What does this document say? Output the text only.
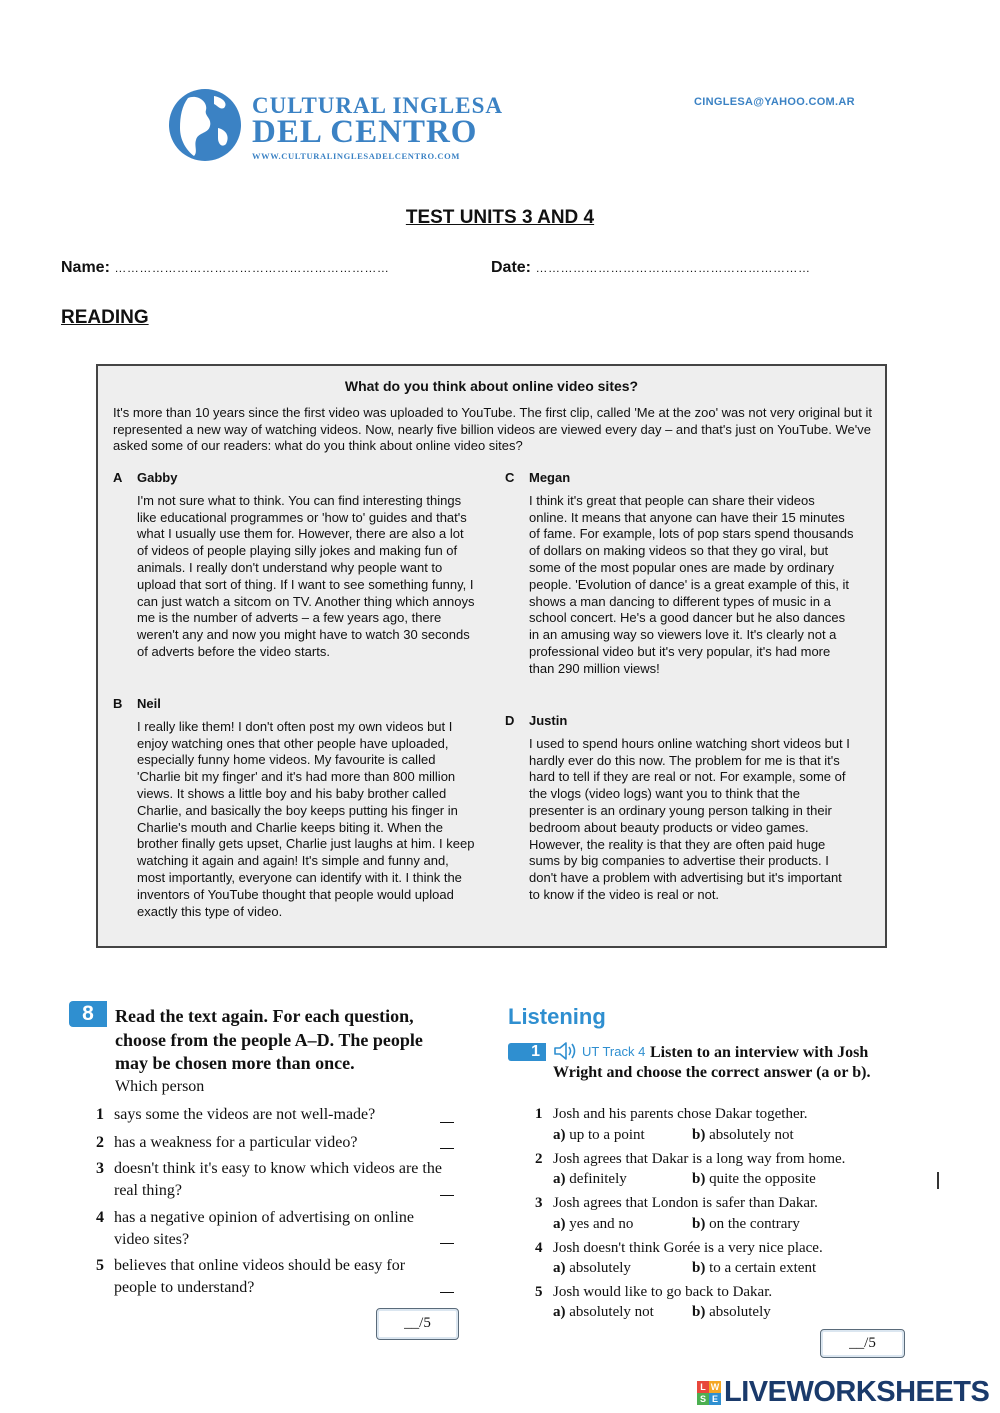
CULTURAL INGLESA
DEL CENTRO
WWW.CULTURALINGLESADELCENTRO.COM
CINGLESA@YAHOO.COM.AR
TEST UNITS 3 AND 4
Name: …………………………………………………………	Date: …………………………………………………………
READING
What do you think about online video sites?
It's more than 10 years since the first video was uploaded to YouTube. The first clip, called 'Me at the zoo' was not very original but it represented a new way of watching videos. Now, nearly five billion videos are viewed every day – and that's just on YouTube. We've asked some of our readers: what do you think about online video sites?
A Gabby
I'm not sure what to think. You can find interesting things like educational programmes or 'how to' guides and that's what I usually use them for. However, there are also a lot of videos of people playing silly jokes and making fun of animals. I really don't understand why people want to upload that sort of thing. If I want to see something funny, I can just watch a sitcom on TV. Another thing which annoys me is the number of adverts – a few years ago, there weren't any and now you might have to watch 30 seconds of adverts before the video starts.
B Neil
I really like them! I don't often post my own videos but I enjoy watching ones that other people have uploaded, especially funny home videos. My favourite is called 'Charlie bit my finger' and it's had more than 800 million views. It shows a little boy and his baby brother called Charlie, and basically the boy keeps putting his finger in Charlie's mouth and Charlie keeps biting it. When the brother finally gets upset, Charlie just laughs at him. I keep watching it again and again! It's simple and funny and, most importantly, everyone can identify with it. I think the inventors of YouTube thought that people would upload exactly this type of video.
C Megan
I think it's great that people can share their videos online. It means that anyone can have their 15 minutes of fame. For example, lots of pop stars spend thousands of dollars on making videos so that they go viral, but some of the most popular ones are made by ordinary people. 'Evolution of dance' is a great example of this, it shows a man dancing to different types of music in a school concert. He's a good dancer but he also dances in an amusing way so viewers love it. It's clearly not a professional video but it's very popular, it's had more than 290 million views!
D Justin
I used to spend hours online watching short videos but I hardly ever do this now. The problem for me is that it's hard to tell if they are real or not. For example, some of the vlogs (video logs) want you to think that the presenter is an ordinary young person talking in their bedroom about beauty products or video games. However, the reality is that they are often paid huge sums by big companies to advertise their products. I don't have a problem with advertising but it's important to know if the video is real or not.
8	Read the text again. For each question, choose from the people A–D. The people may be chosen more than once.
Which person
1 says some the videos are not well-made?
2 has a weakness for a particular video?
3 doesn't think it's easy to know which videos are the real thing?
4 has a negative opinion of advertising on online video sites?
5 believes that online videos should be easy for people to understand?
__/5
Listening
1	UT Track 4 Listen to an interview with Josh Wright and choose the correct answer (a or b).
1 Josh and his parents chose Dakar together.
a) up to a point	b) absolutely not
2 Josh agrees that Dakar is a long way from home.
a) definitely	b) quite the opposite
3 Josh agrees that London is safer than Dakar.
a) yes and no	b) on the contrary
4 Josh doesn't think Gorée is a very nice place.
a) absolutely	b) to a certain extent
5 Josh would like to go back to Dakar.
a) absolutely not	b) absolutely
__/5
L W
S E LIVEWORKSHEETS
